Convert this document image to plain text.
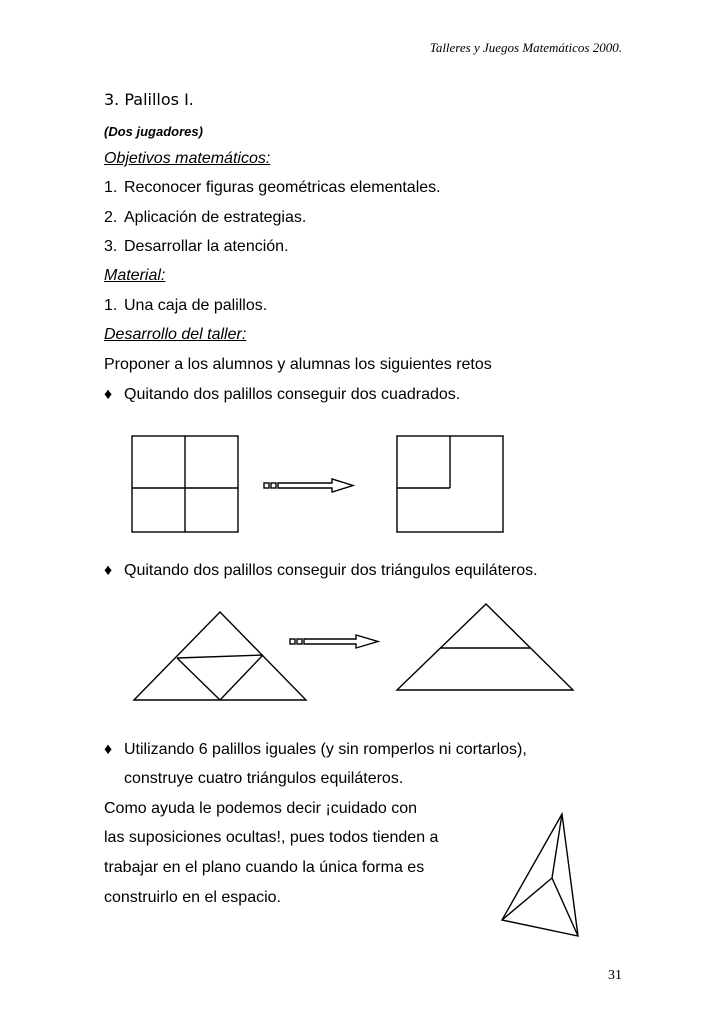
Talleres y Juegos Matemáticos 2000.
3. Palillos I.
(Dos jugadores)
Objetivos matemáticos:
1. Reconocer figuras geométricas elementales.
2. Aplicación de estrategias.
3. Desarrollar la atención.
Material:
1. Una caja de palillos.
Desarrollo del taller:
Proponer a los alumnos y alumnas los siguientes retos
♦ Quitando dos palillos conseguir dos cuadrados.
♦ Quitando dos palillos conseguir dos triángulos equiláteros.
♦ Utilizando 6 palillos iguales (y sin romperlos ni cortarlos),
construye cuatro triángulos equiláteros.
Como ayuda le podemos decir ¡cuidado con
las suposiciones ocultas!, pues todos tienden a
trabajar en el plano cuando la única forma es
construirlo en el espacio.
31
